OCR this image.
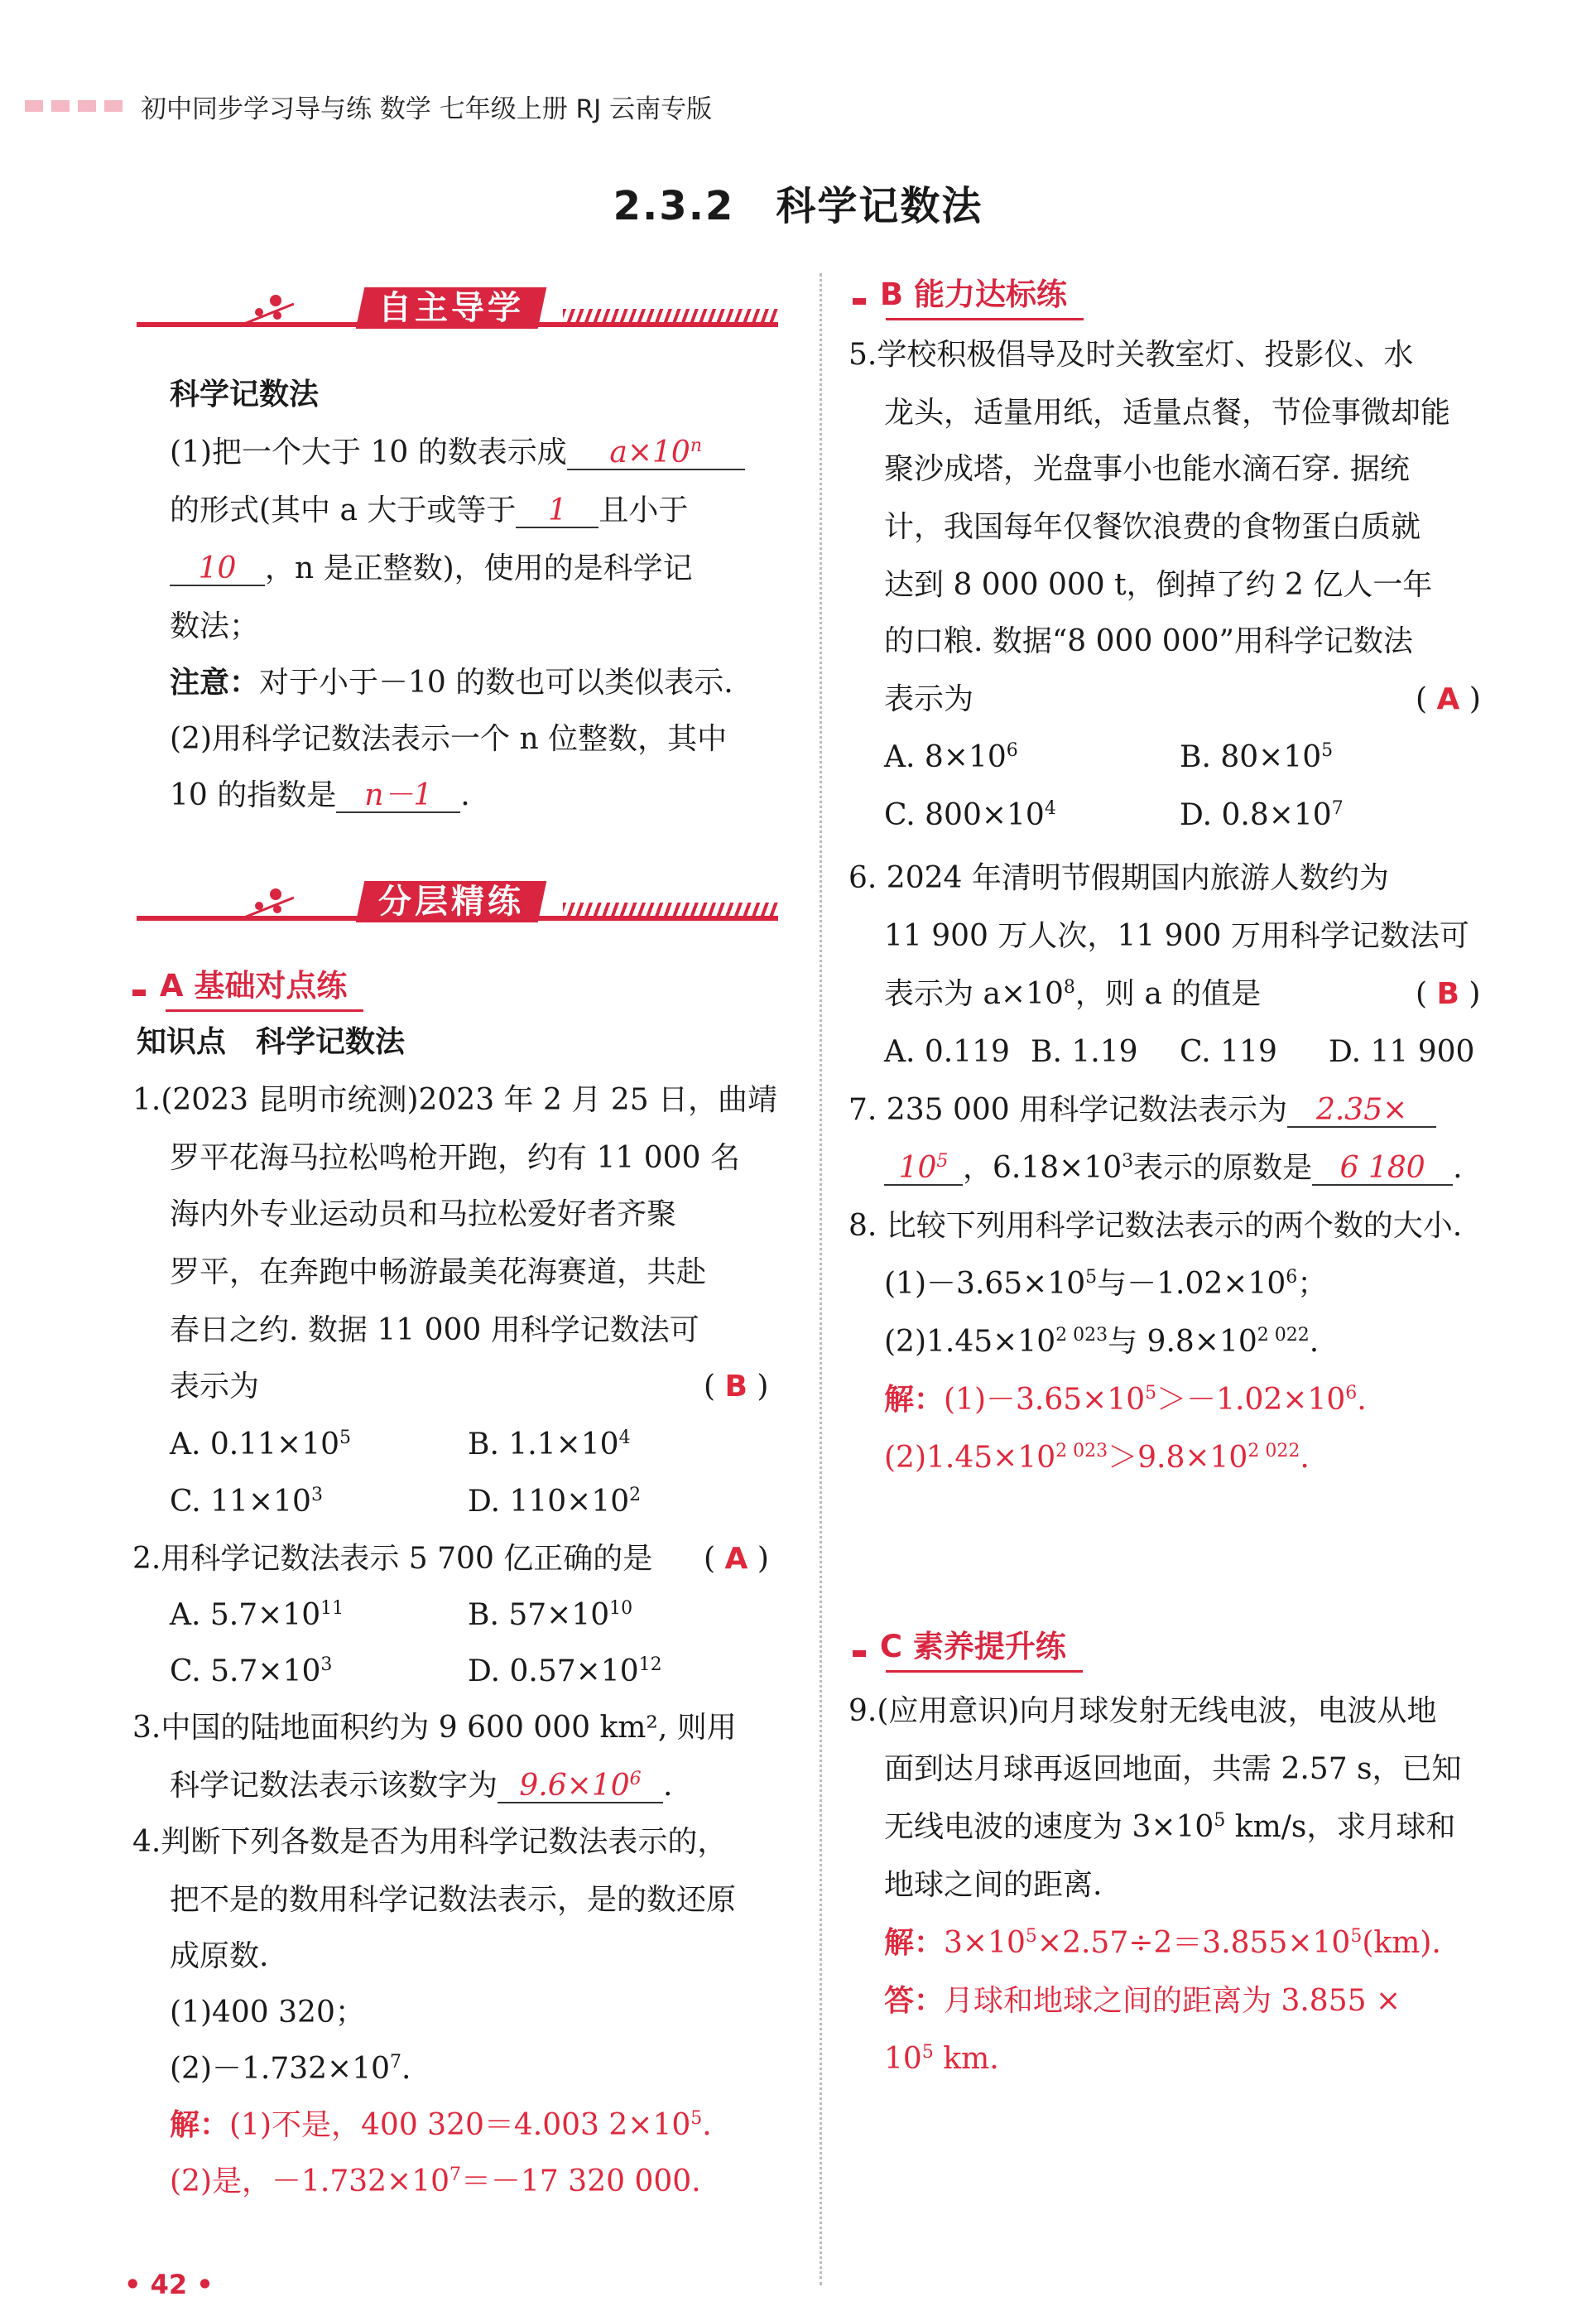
初中同步学习导与练 数学 七年级上册 RJ 云南专版
2.3.2　科学记数法
自主导学
科学记数法
(1)把一个大于 10 的数表示成 $a\times 10^n$
的形式(其中 a 大于或等于 1 且小于
10 ，n 是正整数)，使用的是科学记
数法；
注意：对于小于－10 的数也可以类似表示.
(2)用科学记数法表示一个 n 位整数，其中
10 的指数是 n－1 .
分层精练
A 基础对点练
知识点　科学记数法
1.(2023 昆明市统测)2023 年 2 月 25 日，曲靖
罗平花海马拉松鸣枪开跑，约有 11 000 名
海内外专业运动员和马拉松爱好者齐聚
罗平，在奔跑中畅游最美花海赛道，共赴
春日之约. 数据 11 000 用科学记数法可
表示为	( B )
A. $0.11\times 10^5$	B. $1.1\times 10^4$
C. $11\times 10^3$	D. $110\times 10^2$
2.用科学记数法表示 5 700 亿正确的是 ( A )
A. $5.7\times 10^{11}$	B. $57\times 10^{10}$
C. $5.7\times 10^3$	D. $0.57\times 10^{12}$
3.中国的陆地面积约为 9 600 000 km², 则用
科学记数法表示该数字为 $9.6\times 10^6$ .
4.判断下列各数是否为用科学记数法表示的，
把不是的数用科学记数法表示，是的数还原
成原数.
(1)400 320；
$(2)-1.732\times 10^7$.
解：(1)不是，400 320＝4.003 $2\times 10^5$.
(2)是，$-1.732\times 10^7=-17$ 320 000.
• 42 •
B 能力达标练
5.学校积极倡导及时关教室灯、投影仪、水
龙头，适量用纸，适量点餐，节俭事微却能
聚沙成塔，光盘事小也能水滴石穿. 据统
计，我国每年仅餐饮浪费的食物蛋白质就
达到 8 000 000 t，倒掉了约 2 亿人一年
的口粮. 数据“8 000 000”用科学记数法
表示为	( A )
A. $8\times 10^6$	B. $80\times 10^5$
C. $800\times 10^4$	D. $0.8\times 10^7$
6. 2024 年清明节假期国内旅游人数约为
11 900 万人次，11 900 万用科学记数法可
表示为 $a\times 10^8$，则 a 的值是	( B )
A. 0.119 B. 1.19 C. 119 D. 11 900
7. 235 000 用科学记数法表示为 2.35×
$10^5$ ，$6.18\times 10^3$表示的原数是 6 180 .
8. 比较下列用科学记数法表示的两个数的大小.
$(1)-3.65\times 10^5$与$-1.02\times 10^6$；
$(2)1.45\times 10^{2 023}$与 $9.8\times 10^{2 022}$.
解：$(1)-3.65\times 10^5>-1.02\times 10^6$.
$(2)1.45\times 10^{2 023}>9.8\times 10^{2 022}$.
C 素养提升练
9.(应用意识)向月球发射无线电波，电波从地
面到达月球再返回地面，共需 2.57 s，已知
无线电波的速度为 $3\times 10^5$ km/s，求月球和
地球之间的距离.
解：$3\times 10^5\times 2.57\div 2=3.855\times 10^5(km)$.
答：月球和地球之间的距离为 3.855 ×
$10^5$ km.
